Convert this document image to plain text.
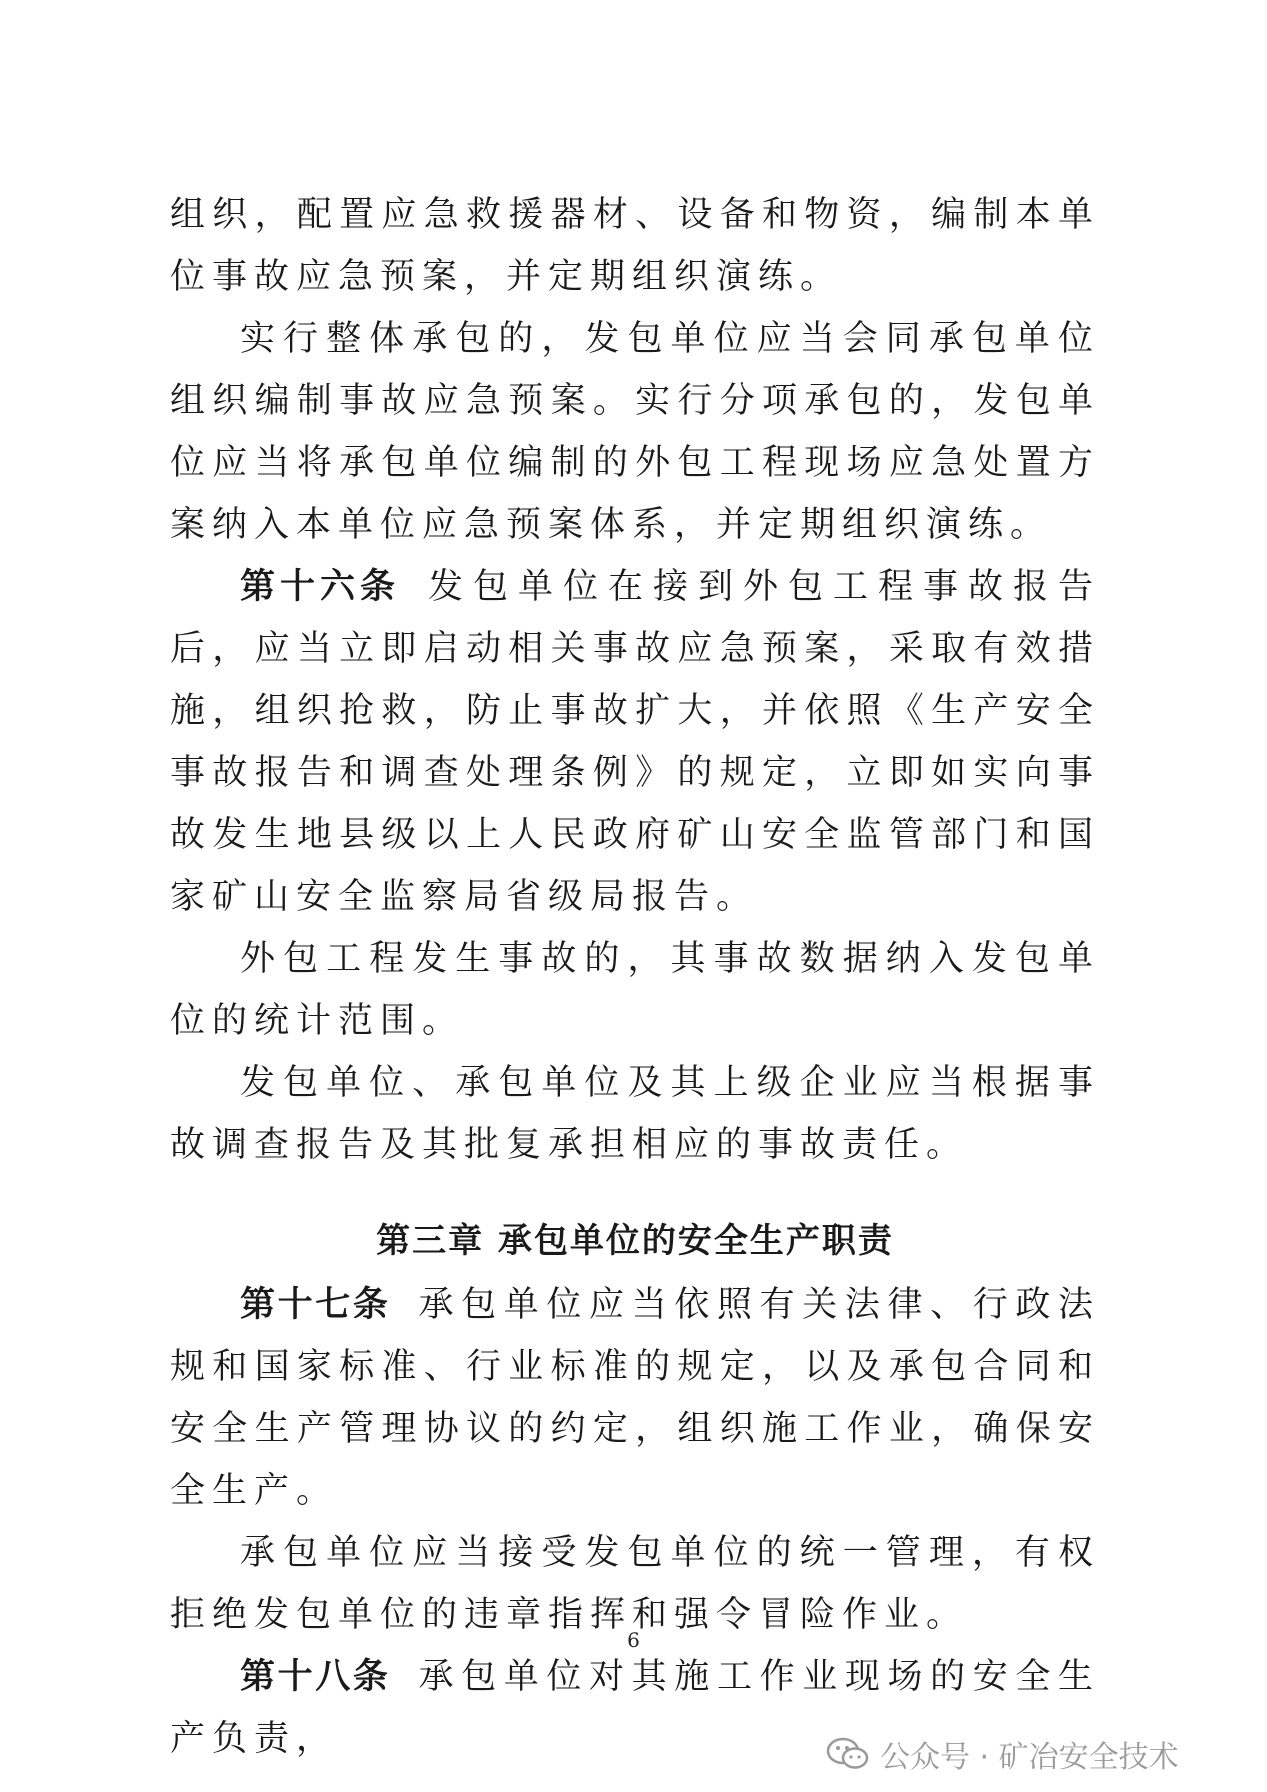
组织，配置应急救援器材、设备和物资，编制本单位事故应急预案，并定期组织演练。

实行整体承包的，发包单位应当会同承包单位组织编制事故应急预案。实行分项承包的，发包单位应当将承包单位编制的外包工程现场应急处置方案纳入本单位应急预案体系，并定期组织演练。

第十六条 发包单位在接到外包工程事故报告后，应当立即启动相关事故应急预案，采取有效措施，组织抢救，防止事故扩大，并依照《生产安全事故报告和调查处理条例》的规定，立即如实向事故发生地县级以上人民政府矿山安全监管部门和国家矿山安全监察局省级局报告。

外包工程发生事故的，其事故数据纳入发包单位的统计范围。

发包单位、承包单位及其上级企业应当根据事故调查报告及其批复承担相应的事故责任。

第三章 承包单位的安全生产职责

第十七条 承包单位应当依照有关法律、行政法规和国家标准、行业标准的规定，以及承包合同和安全生产管理协议的约定，组织施工作业，确保安全生产。

承包单位应当接受发包单位的统一管理，有权拒绝发包单位的违章指挥和强令冒险作业。

第十八条 承包单位对其施工作业现场的安全生产负责，

6
公众号 · 矿冶安全技术
